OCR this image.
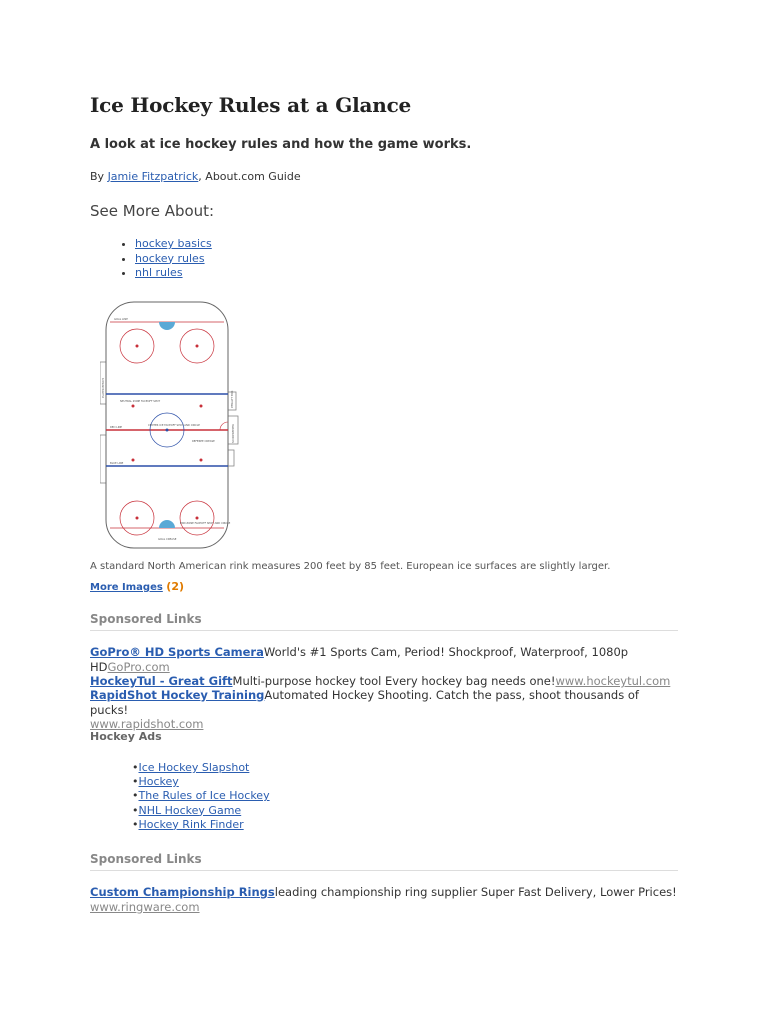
Ice Hockey Rules at a Glance

A look at ice hockey rules and how the game works.

By Jamie Fitzpatrick, About.com Guide
See More About:
• hockey basics
• hockey rules
• nhl rules
GOAL LINE
NEUTRAL ZONE FACEOFF SPOT
CENTER ICE FACEOFF SPOT AND CIRCLE
RED LINE
BLUE LINE
REFEREE CREASE
END ZONE FACEOFF SPOT AND CIRCLE
GOAL CREASE
PLAYER BENCH
PENALTY BOX
SCOREKEEPER
A standard North American rink measures 200 feet by 85 feet. European ice surfaces are slightly larger.
More Images (2)
Sponsored Links
GoPro® HD Sports CameraWorld's #1 Sports Cam, Period! Shockproof, Waterproof, 1080p HDGoPro.com
HockeyTul - Great GiftMulti-purpose hockey tool Every hockey bag needs one!www.hockeytul.com
RapidShot Hockey TrainingAutomated Hockey Shooting. Catch the pass, shoot thousands of pucks!
www.rapidshot.com
Hockey Ads
•Ice Hockey Slapshot
•Hockey
•The Rules of Ice Hockey
•NHL Hockey Game
•Hockey Rink Finder
Sponsored Links
Custom Championship Ringsleading championship ring supplier Super Fast Delivery, Lower Prices!
www.ringware.com
